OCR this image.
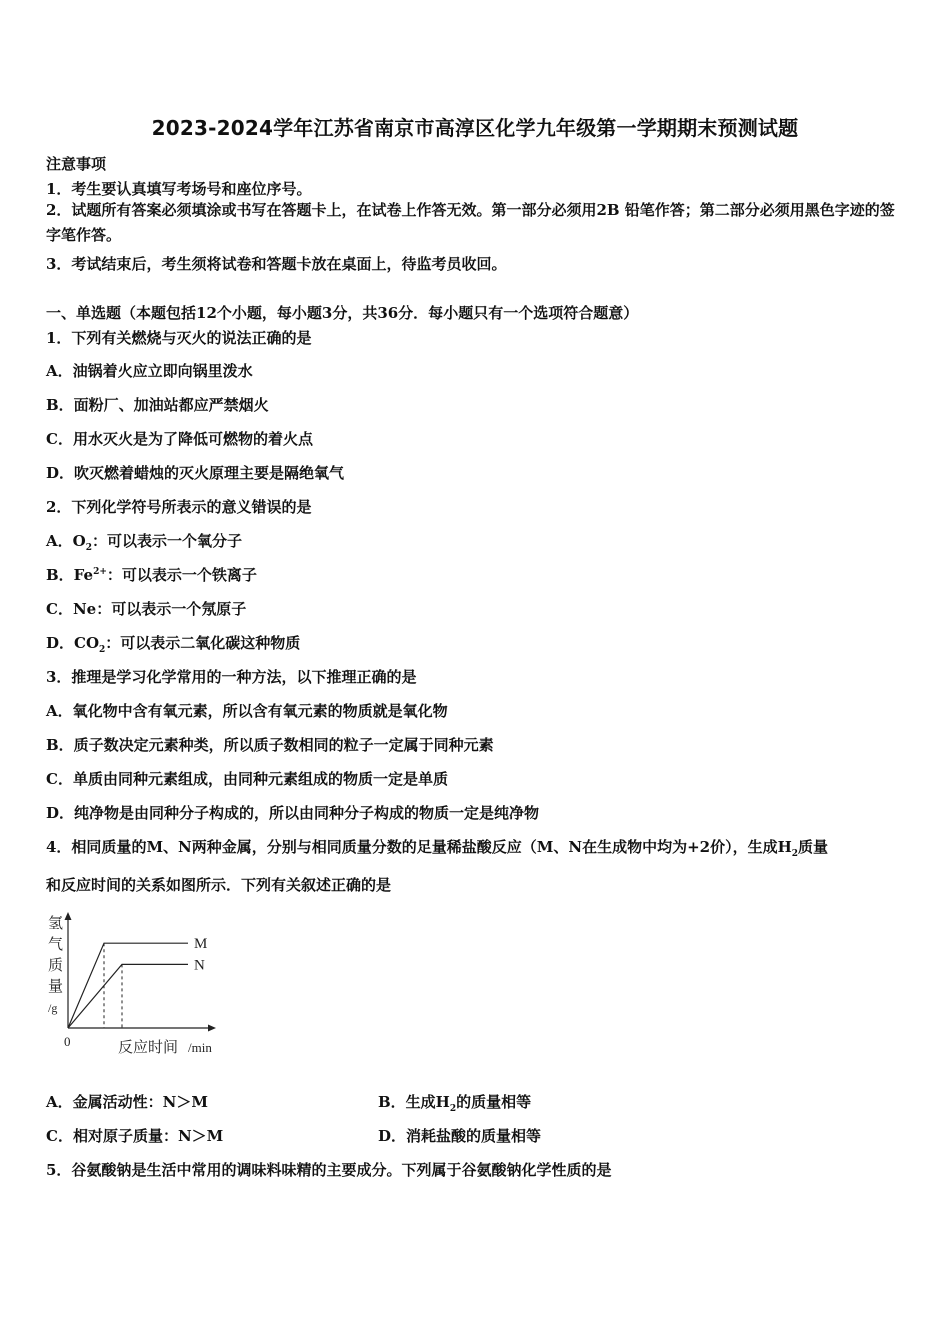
2023-2024学年江苏省南京市高淳区化学九年级第一学期期末预测试题
注意事项
1．考生要认真填写考场号和座位序号。
2．试题所有答案必须填涂或书写在答题卡上，在试卷上作答无效。第一部分必须用2B 铅笔作答；第二部分必须用黑色字迹的签字笔作答。
3．考试结束后，考生须将试卷和答题卡放在桌面上，待监考员收回。
一、单选题（本题包括12个小题，每小题3分，共36分．每小题只有一个选项符合题意）
1．下列有关燃烧与灭火的说法正确的是
A．油锅着火应立即向锅里泼水
B．面粉厂、加油站都应严禁烟火
C．用水灭火是为了降低可燃物的着火点
D．吹灭燃着蜡烛的灭火原理主要是隔绝氧气
2．下列化学符号所表示的意义错误的是
A．$O_2$：可以表示一个氧分子
B．$Fe^{2+}$：可以表示一个铁离子
C．Ne：可以表示一个氖原子
D．$CO_2$：可以表示二氧化碳这种物质
3．推理是学习化学常用的一种方法，以下推理正确的是
A．氧化物中含有氧元素，所以含有氧元素的物质就是氧化物
B．质子数决定元素种类，所以质子数相同的粒子一定属于同种元素
C．单质由同种元素组成，由同种元素组成的物质一定是单质
D．纯净物是由同种分子构成的，所以由同种分子构成的物质一定是纯净物
4．相同质量的M、N两种金属，分别与相同质量分数的足量稀盐酸反应（M、N在生成物中均为+2价），生成$H_2$质量
和反应时间的关系如图所示．下列有关叙述正确的是
M
N
氢
气
质
量
/g
0	反应时间 /min
A．金属活动性：N＞M	B．生成$H_2$的质量相等
C．相对原子质量：N＞M	D．消耗盐酸的质量相等
5．谷氨酸钠是生活中常用的调味料味精的主要成分。下列属于谷氨酸钠化学性质的是
